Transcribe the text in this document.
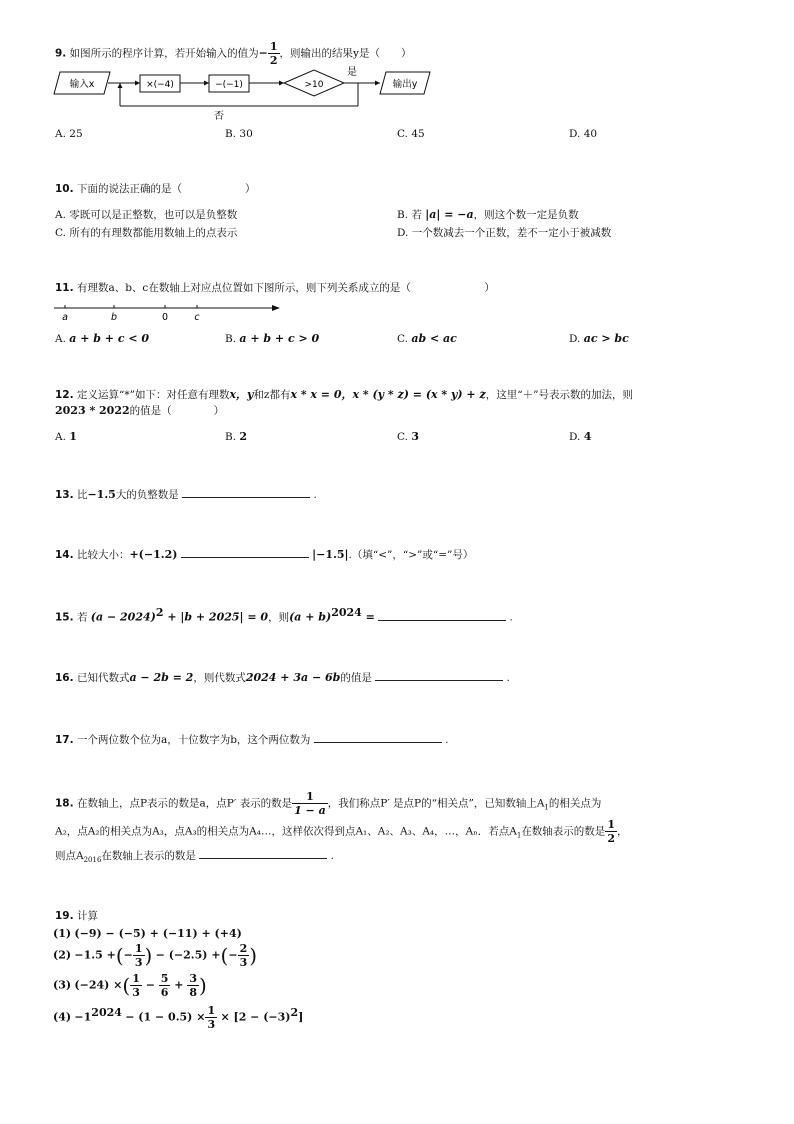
9. 如图所示的程序计算，若开始输入的值为− $\frac{1}{2}$ ，则输出的结果y是（　　）
输入x	×(−4)	−(−1)	>10
是
输出y
否
A. 25	B. 30	C. 45	D. 40
10. 下面的说法正确的是（　　　　　　）
A. 零既可以是正整数，也可以是负整数	B. 若 |a| = −a，则这个数一定是负数
C. 所有的有理数都能用数轴上的点表示	D. 一个数减去一个正数，差不一定小于被减数
11. 有理数a、b、c在数轴上对应点位置如下图所示，则下列关系成立的是（　　　　　　　）
a	b	0	c
A. a + b + c < 0	B. a + b + c > 0	C. ab < ac	D. ac > bc
12. 定义运算“*”如下：对任意有理数x，y和z都有x * x = 0，x * (y * z) = (x * y) + z，这里“＋”号表示数的加法，则
2023 * 2022的值是（　　　　）
A. 1	B. 2	C. 3	D. 4
13. 比−1.5大的负整数是	.
14. 比较大小：+(−1.2)	|−1.5|.（填“<”，“>”或“=”号）
15. 若 $(a - 2024)^2 + |b + 2025| = 0$，则$(a + b)^{2024}$ =	.
16. 已知代数式a − 2b = 2，则代数式2024 + 3a − 6b的值是	.
17. 一个两位数个位为a，十位数字为b，这个两位数为	.
18. 在数轴上，点P表示的数是a，点P′ 表示的数是 $\frac{1}{1 - a}$ ，我们称点P′ 是点P的“相关点”，已知数轴上$A_1$的相关点为
A₂，点A₂的相关点为A₃，点A₃的相关点为A₄…，这样依次得到点A₁、A₂、A₃、A₄，…，Aₙ．若点$A_1$在数轴表示的数是 $\frac{1}{2}$ ，
则点$A_{2016}$在数轴上表示的数是	.
19. 计算
(1) (−9) − (−5) + (−11) + (+4)
(2) −1.5 +(− $\frac{1}{3}$ ) − (−2.5) +(− $\frac{2}{3}$ )
(3) (−24) ×( $\frac{1}{3} - \frac{5}{6} + \frac{3}{8}$ )
$(4) -1^{2024} - (1 - 0.5) \times \frac{1}{3} \times [2 - (-3)^2]$
